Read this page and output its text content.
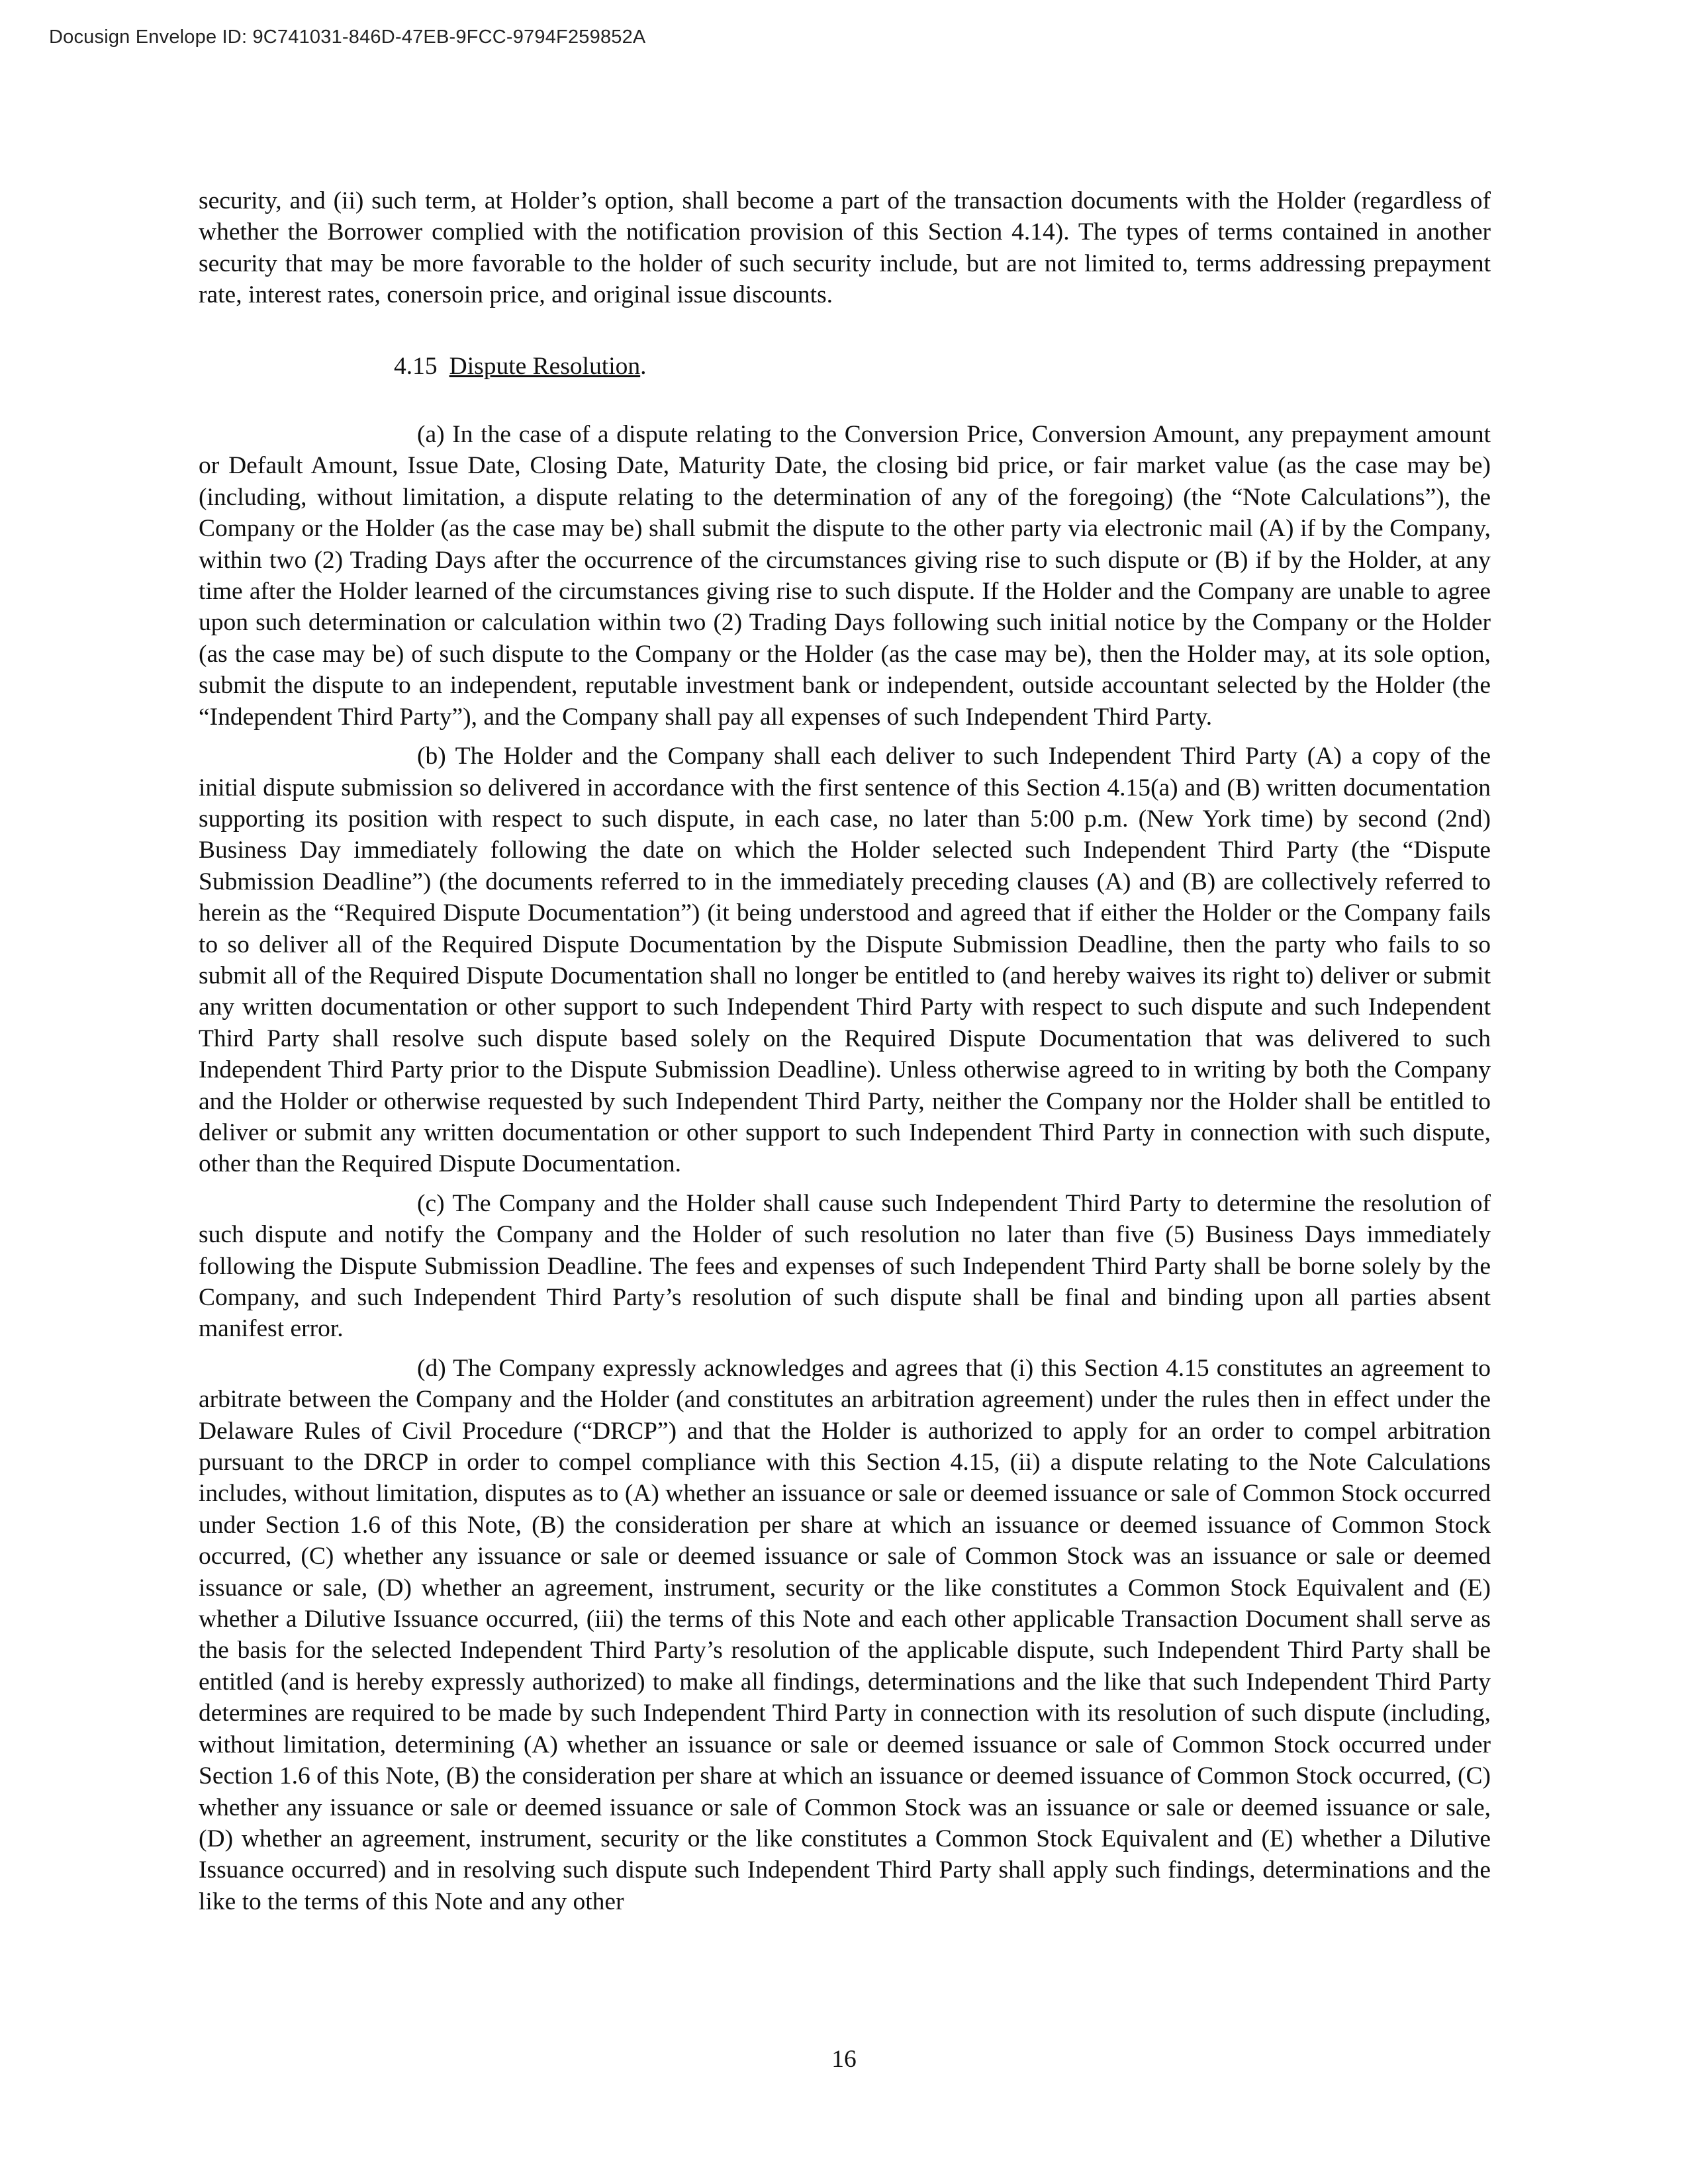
Docusign Envelope ID: 9C741031-846D-47EB-9FCC-9794F259852A

security, and (ii) such term, at Holder’s option, shall become a part of the transaction documents with the Holder (regardless of whether the Borrower complied with the notification provision of this Section 4.14). The types of terms contained in another security that may be more favorable to the holder of such security include, but are not limited to, terms addressing prepayment rate, interest rates, conersoin price, and original issue discounts.

4.15 Dispute Resolution.

(a) In the case of a dispute relating to the Conversion Price, Conversion Amount, any prepayment amount or Default Amount, Issue Date, Closing Date, Maturity Date, the closing bid price, or fair market value (as the case may be) (including, without limitation, a dispute relating to the determination of any of the foregoing) (the “Note Calculations”), the Company or the Holder (as the case may be) shall submit the dispute to the other party via electronic mail (A) if by the Company, within two (2) Trading Days after the occurrence of the circumstances giving rise to such dispute or (B) if by the Holder, at any time after the Holder learned of the circumstances giving rise to such dispute. If the Holder and the Company are unable to agree upon such determination or calculation within two (2) Trading Days following such initial notice by the Company or the Holder (as the case may be) of such dispute to the Company or the Holder (as the case may be), then the Holder may, at its sole option, submit the dispute to an independent, reputable investment bank or independent, outside accountant selected by the Holder (the “Independent Third Party”), and the Company shall pay all expenses of such Independent Third Party.

(b) The Holder and the Company shall each deliver to such Independent Third Party (A) a copy of the initial dispute submission so delivered in accordance with the first sentence of this Section 4.15(a) and (B) written documentation supporting its position with respect to such dispute, in each case, no later than 5:00 p.m. (New York time) by second (2nd) Business Day immediately following the date on which the Holder selected such Independent Third Party (the “Dispute Submission Deadline”) (the documents referred to in the immediately preceding clauses (A) and (B) are collectively referred to herein as the “Required Dispute Documentation”) (it being understood and agreed that if either the Holder or the Company fails to so deliver all of the Required Dispute Documentation by the Dispute Submission Deadline, then the party who fails to so submit all of the Required Dispute Documentation shall no longer be entitled to (and hereby waives its right to) deliver or submit any written documentation or other support to such Independent Third Party with respect to such dispute and such Independent Third Party shall resolve such dispute based solely on the Required Dispute Documentation that was delivered to such Independent Third Party prior to the Dispute Submission Deadline). Unless otherwise agreed to in writing by both the Company and the Holder or otherwise requested by such Independent Third Party, neither the Company nor the Holder shall be entitled to deliver or submit any written documentation or other support to such Independent Third Party in connection with such dispute, other than the Required Dispute Documentation.

(c) The Company and the Holder shall cause such Independent Third Party to determine the resolution of such dispute and notify the Company and the Holder of such resolution no later than five (5) Business Days immediately following the Dispute Submission Deadline. The fees and expenses of such Independent Third Party shall be borne solely by the Company, and such Independent Third Party’s resolution of such dispute shall be final and binding upon all parties absent manifest error.

(d) The Company expressly acknowledges and agrees that (i) this Section 4.15 constitutes an agreement to arbitrate between the Company and the Holder (and constitutes an arbitration agreement) under the rules then in effect under the Delaware Rules of Civil Procedure (“DRCP”) and that the Holder is authorized to apply for an order to compel arbitration pursuant to the DRCP in order to compel compliance with this Section 4.15, (ii) a dispute relating to the Note Calculations includes, without limitation, disputes as to (A) whether an issuance or sale or deemed issuance or sale of Common Stock occurred under Section 1.6 of this Note, (B) the consideration per share at which an issuance or deemed issuance of Common Stock occurred, (C) whether any issuance or sale or deemed issuance or sale of Common Stock was an issuance or sale or deemed issuance or sale, (D) whether an agreement, instrument, security or the like constitutes a Common Stock Equivalent and (E) whether a Dilutive Issuance occurred, (iii) the terms of this Note and each other applicable Transaction Document shall serve as the basis for the selected Independent Third Party’s resolution of the applicable dispute, such Independent Third Party shall be entitled (and is hereby expressly authorized) to make all findings, determinations and the like that such Independent Third Party determines are required to be made by such Independent Third Party in connection with its resolution of such dispute (including, without limitation, determining (A) whether an issuance or sale or deemed issuance or sale of Common Stock occurred under Section 1.6 of this Note, (B) the consideration per share at which an issuance or deemed issuance of Common Stock occurred, (C) whether any issuance or sale or deemed issuance or sale of Common Stock was an issuance or sale or deemed issuance or sale, (D) whether an agreement, instrument, security or the like constitutes a Common Stock Equivalent and (E) whether a Dilutive Issuance occurred) and in resolving such dispute such Independent Third Party shall apply such findings, determinations and the like to the terms of this Note and any other

16
